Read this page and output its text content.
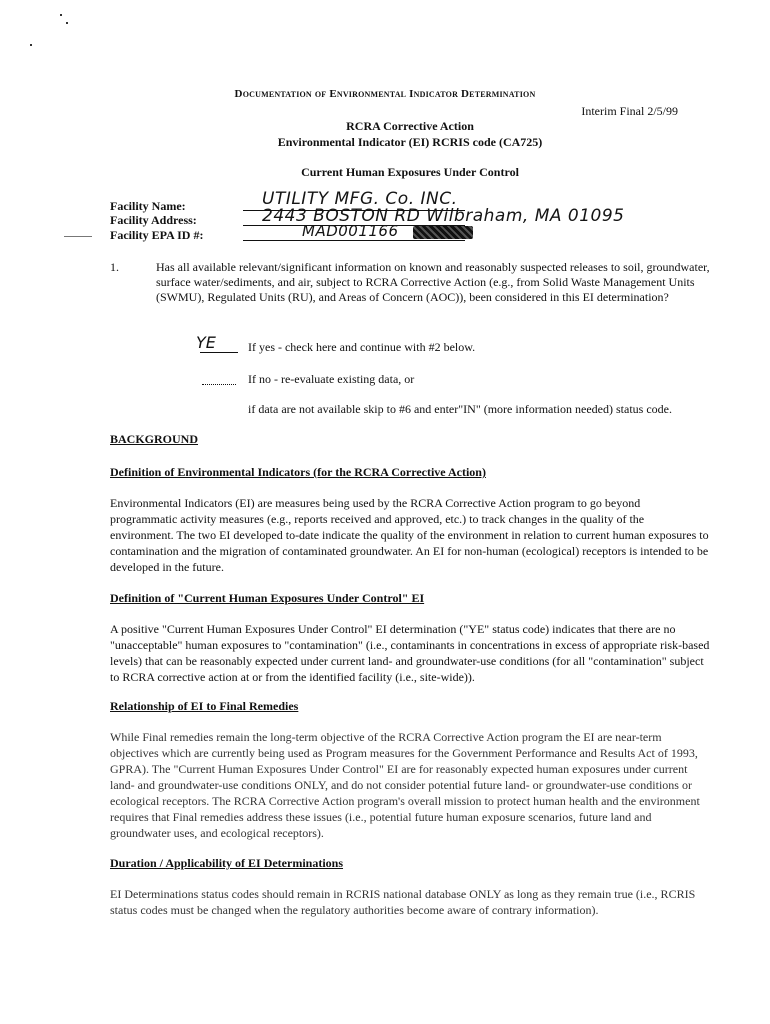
Documentation of Environmental Indicator Determination
Interim Final 2/5/99
RCRA Corrective Action
Environmental Indicator (EI) RCRIS code (CA725)
Current Human Exposures Under Control
Facility Name:
Facility Address:
Facility EPA ID #:
UTILITY MFG. Co. INC.
2443 BOSTON RD Wilbraham, MA 01095
MAD001166
1.	Has all available relevant/significant information on known and reasonably suspected releases to soil, groundwater, surface water/sediments, and air, subject to RCRA Corrective Action (e.g., from Solid Waste Management Units (SWMU), Regulated Units (RU), and Areas of Concern (AOC)), been considered in this EI determination?
YE	If yes - check here and continue with #2 below.
If no - re-evaluate existing data, or
if data are not available skip to #6 and enter"IN" (more information needed) status code.
BACKGROUND
Definition of Environmental Indicators (for the RCRA Corrective Action)
Environmental Indicators (EI) are measures being used by the RCRA Corrective Action program to go beyond programmatic activity measures (e.g., reports received and approved, etc.) to track changes in the quality of the environment. The two EI developed to-date indicate the quality of the environment in relation to current human exposures to contamination and the migration of contaminated groundwater. An EI for non-human (ecological) receptors is intended to be developed in the future.
Definition of "Current Human Exposures Under Control" EI
A positive "Current Human Exposures Under Control" EI determination ("YE" status code) indicates that there are no "unacceptable" human exposures to "contamination" (i.e., contaminants in concentrations in excess of appropriate risk-based levels) that can be reasonably expected under current land- and groundwater-use conditions (for all "contamination" subject to RCRA corrective action at or from the identified facility (i.e., site-wide)).
Relationship of EI to Final Remedies
While Final remedies remain the long-term objective of the RCRA Corrective Action program the EI are near-term objectives which are currently being used as Program measures for the Government Performance and Results Act of 1993, GPRA). The "Current Human Exposures Under Control" EI are for reasonably expected human exposures under current land- and groundwater-use conditions ONLY, and do not consider potential future land- or groundwater-use conditions or ecological receptors. The RCRA Corrective Action program's overall mission to protect human health and the environment requires that Final remedies address these issues (i.e., potential future human exposure scenarios, future land and groundwater uses, and ecological receptors).
Duration / Applicability of EI Determinations
EI Determinations status codes should remain in RCRIS national database ONLY as long as they remain true (i.e., RCRIS status codes must be changed when the regulatory authorities become aware of contrary information).
